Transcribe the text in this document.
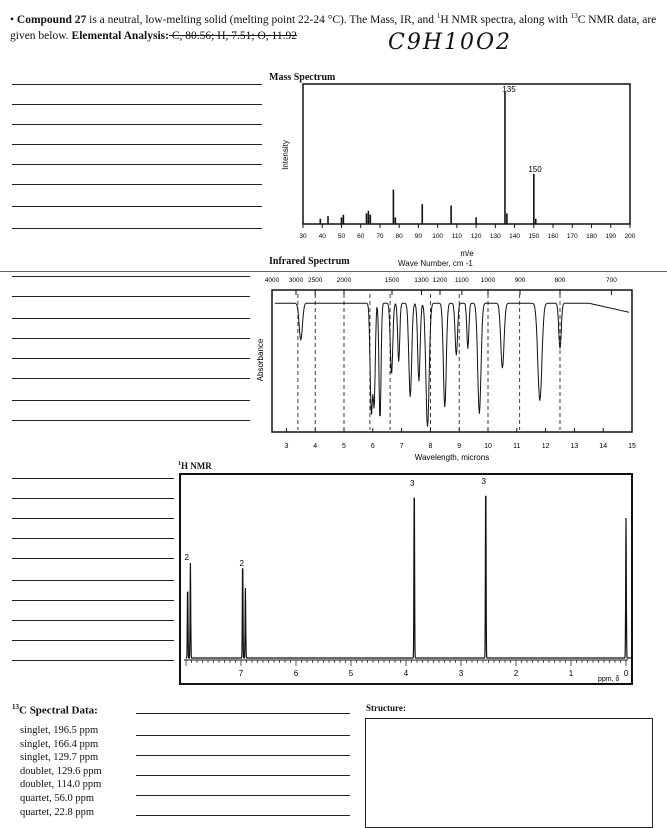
• Compound 27 is a neutral, low-melting solid (melting point 22-24 °C). The Mass, IR, and $^1$H NMR spectra, along with $^{13}$C NMR data, are given below. Elemental Analysis: C, 80.56; H, 7.51; O, 11.92	C9H10O2
Mass Spectrum
Intensity
30 40 50 60 70 80 90 100 110 120 130 140 150 160 170 180 190 200
m/e
135
150
Infrared Spectrum	Wave Number, cm -1
Absorbance
4000 3000 2500 2000	1500 1300 1200 1100 1000	900	800	700
3	4	5	6	7	8	9	10	11	12	13	14	15
Wavelength, microns
$^1$H NMR
7	6	5	4	3	2	1	0
2
2
3	3
ppm, δ
$^{13}$C Spectral Data:
singlet, 196.5 ppm
singlet, 166.4 ppm
singlet, 129.7 ppm
doublet, 129.6 ppm
doublet, 114.0 ppm
quartet, 56.0 ppm
quartet, 22.8 ppm
Structure:
